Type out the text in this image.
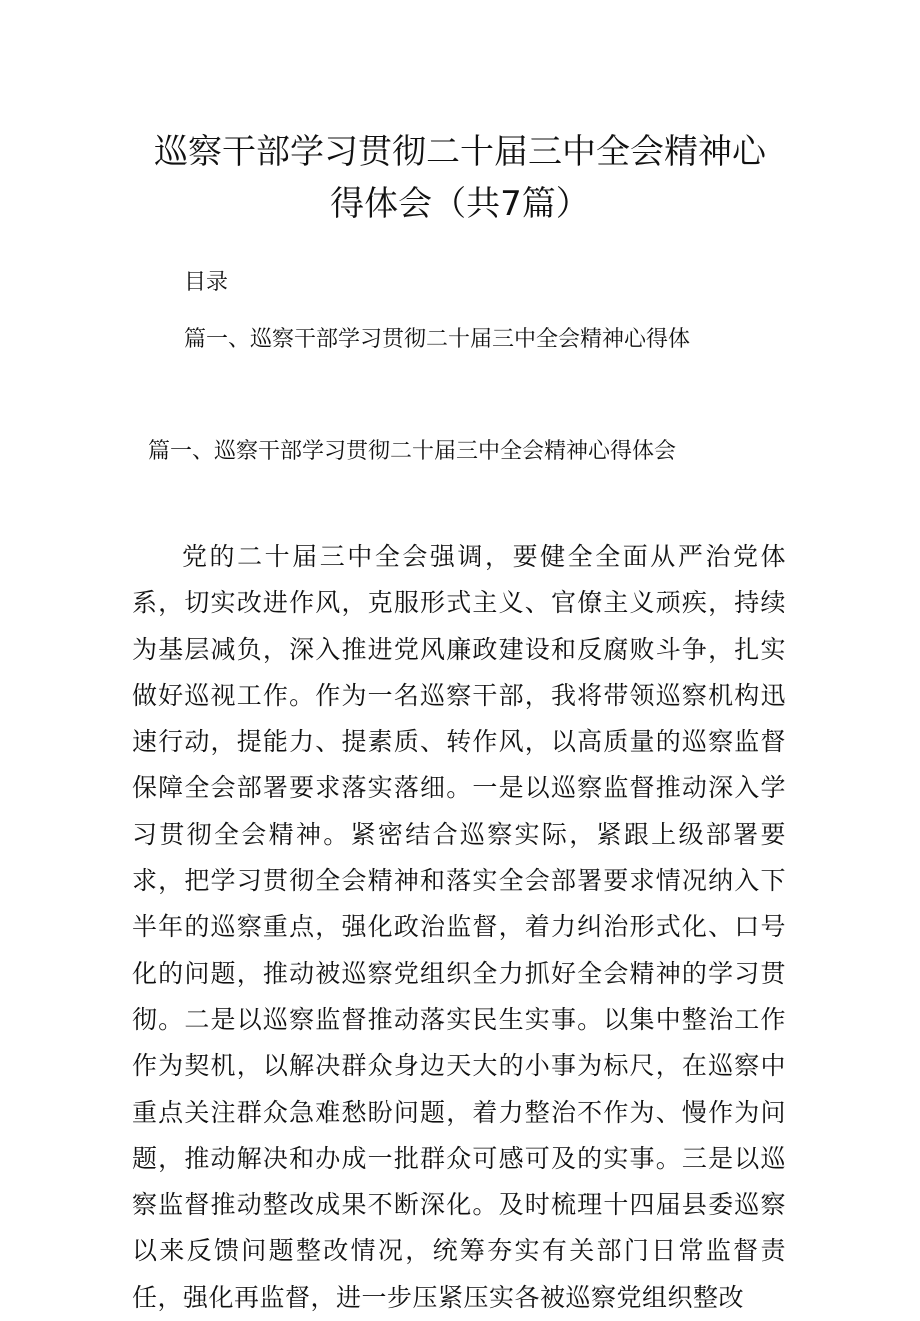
巡察干部学习贯彻二十届三中全会精神心
得体会（共7篇）

目录

篇一、巡察干部学习贯彻二十届三中全会精神心得体

篇一、巡察干部学习贯彻二十届三中全会精神心得体会

党的二十届三中全会强调，要健全全面从严治党体系，切实改进作风，克服形式主义、官僚主义顽疾，持续为基层减负，深入推进党风廉政建设和反腐败斗争，扎实做好巡视工作。作为一名巡察干部，我将带领巡察机构迅速行动，提能力、提素质、转作风，以高质量的巡察监督保障全会部署要求落实落细。一是以巡察监督推动深入学习贯彻全会精神。紧密结合巡察实际，紧跟上级部署要求，把学习贯彻全会精神和落实全会部署要求情况纳入下半年的巡察重点，强化政治监督，着力纠治形式化、口号化的问题，推动被巡察党组织全力抓好全会精神的学习贯彻。二是以巡察监督推动落实民生实事。以集中整治工作作为契机，以解决群众身边天大的小事为标尺，在巡察中重点关注群众急难愁盼问题，着力整治不作为、慢作为问题，推动解决和办成一批群众可感可及的实事。三是以巡察监督推动整改成果不断深化。及时梳理十四届县委巡察以来反馈问题整改情况，统筹夯实有关部门日常监督责任，强化再监督，进一步压紧压实各被巡察党组织整改
